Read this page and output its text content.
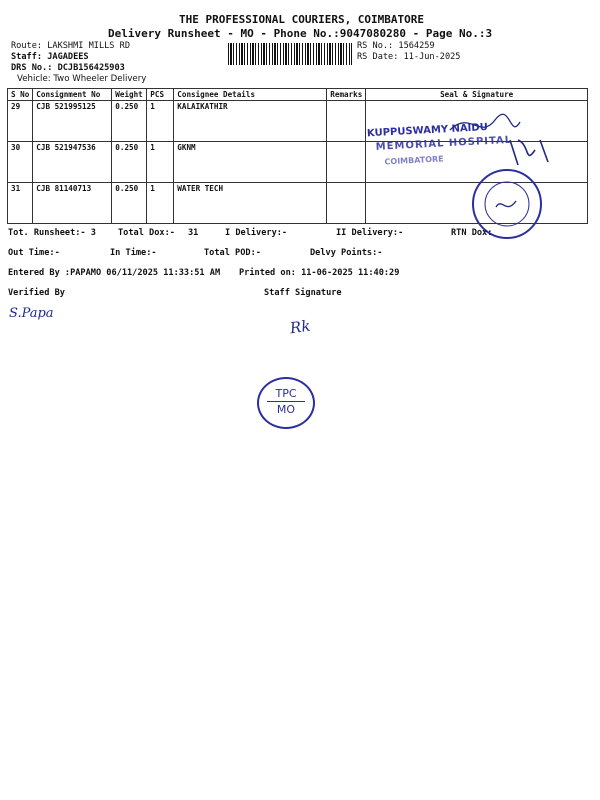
THE PROFESSIONAL COURIERS, COIMBATORE
Delivery Runsheet - MO - Phone No.:9047080280 - Page No.:3
Route: LAKSHMI MILLS RD
Staff: JAGADEES
DRS No.: DCJB156425903
Vehicle: Two Wheeler Delivery
RS No.: 1564259
RS Date: 11-Jun-2025
S No	Consignment No	Weight	PCS	Consignee Details	Remarks	Seal & Signature
29	CJB 521995125	0.250	1	KALAIKATHIR		
30	CJB 521947536	0.250	1	GKNM		
31	CJB 81140713	0.250	1	WATER TECH		
KUPPUSWAMY NAIDU
MEMORIAL HOSPITAL
COIMBATORE
Tot. Runsheet:- 3	Total Dox:- 31	I Delivery:-	II Delivery:-	RTN Dox:
Out Time:-	In Time:-	Total POD:-	Delvy Points:-
Entered By :PAPAMO 06/11/2025 11:33:51 AM Printed on: 11-06-2025 11:40:29
Verified By	Staff Signature
S.Papa
Rk
TPC
MO
